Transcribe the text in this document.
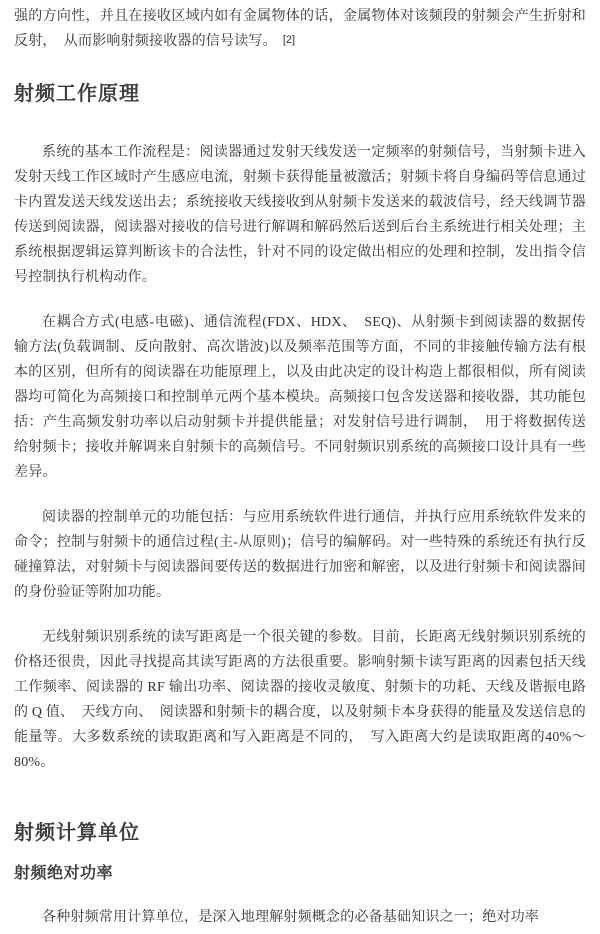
强的方向性，并且在接收区域内如有金属物体的话，金属物体对该频段的射频会产生折射和反射，　从而影响射频接收器的信号读写。 [2]

射频工作原理

系统的基本工作流程是：阅读器通过发射天线发送一定频率的射频信号，当射频卡进入发射天线工作区域时产生感应电流，射频卡获得能量被激活；射频卡将自身编码等信息通过卡内置发送天线发送出去；系统接收天线接收到从射频卡发送来的载波信号，经天线调节器传送到阅读器，阅读器对接收的信号进行解调和解码然后送到后台主系统进行相关处理；主系统根据逻辑运算判断该卡的合法性，针对不同的设定做出相应的处理和控制，发出指令信号控制执行机构动作。

在耦合方式(电感-电磁)、通信流程(FDX、HDX、　SEQ)、从射频卡到阅读器的数据传输方法(负载调制、反向散射、高次谐波)以及频率范围等方面，不同的非接触传输方法有根本的区别，但所有的阅读器在功能原理上，以及由此决定的设计构造上都很相似，所有阅读器均可简化为高频接口和控制单元两个基本模块。高频接口包含发送器和接收器，其功能包括：产生高频发射功率以启动射频卡并提供能量；对发射信号进行调制，　用于将数据传送给射频卡；接收并解调来自射频卡的高频信号。不同射频识别系统的高频接口设计具有一些差异。

阅读器的控制单元的功能包括：与应用系统软件进行通信，并执行应用系统软件发来的命令；控制与射频卡的通信过程(主-从原则)；信号的编解码。对一些特殊的系统还有执行反碰撞算法，对射频卡与阅读器间要传送的数据进行加密和解密，以及进行射频卡和阅读器间的身份验证等附加功能。

无线射频识别系统的读写距离是一个很关键的参数。目前，长距离无线射频识别系统的价格还很贵，因此寻找提高其读写距离的方法很重要。影响射频卡读写距离的因素包括天线工作频率、阅读器的 RF 输出功率、阅读器的接收灵敏度、射频卡的功耗、天线及谐振电路的 Q 值、　天线方向、　阅读器和射频卡的耦合度，以及射频卡本身获得的能量及发送信息的能量等。大多数系统的读取距离和写入距离是不同的，　写入距离大约是读取距离的40%～80%。

射频计算单位
射频绝对功率

各种射频常用计算单位，是深入地理解射频概念的必备基础知识之一；绝对功率
